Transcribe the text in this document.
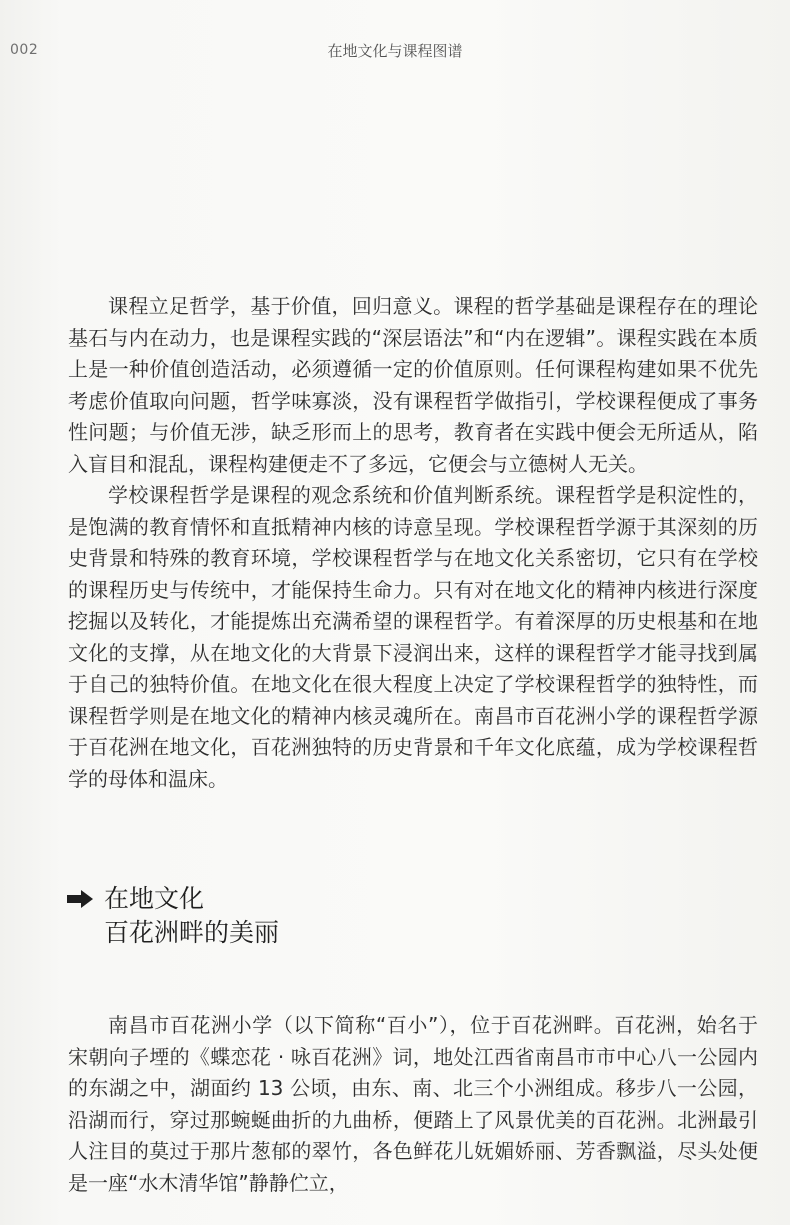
002	在地文化与课程图谱

课程立足哲学，基于价值，回归意义。课程的哲学基础是课程存在的理论基石与内在动力，也是课程实践的“深层语法”和“内在逻辑”。课程实践在本质上是一种价值创造活动，必须遵循一定的价值原则。任何课程构建如果不优先考虑价值取向问题，哲学味寡淡，没有课程哲学做指引，学校课程便成了事务性问题；与价值无涉，缺乏形而上的思考，教育者在实践中便会无所适从，陷入盲目和混乱，课程构建便走不了多远，它便会与立德树人无关。

学校课程哲学是课程的观念系统和价值判断系统。课程哲学是积淀性的，是饱满的教育情怀和直抵精神内核的诗意呈现。学校课程哲学源于其深刻的历史背景和特殊的教育环境，学校课程哲学与在地文化关系密切，它只有在学校的课程历史与传统中，才能保持生命力。只有对在地文化的精神内核进行深度挖掘以及转化，才能提炼出充满希望的课程哲学。有着深厚的历史根基和在地文化的支撑，从在地文化的大背景下浸润出来，这样的课程哲学才能寻找到属于自己的独特价值。在地文化在很大程度上决定了学校课程哲学的独特性，而课程哲学则是在地文化的精神内核灵魂所在。南昌市百花洲小学的课程哲学源于百花洲在地文化，百花洲独特的历史背景和千年文化底蕴，成为学校课程哲学的母体和温床。

在地文化
百花洲畔的美丽

南昌市百花洲小学（以下简称“百小”），位于百花洲畔。百花洲，始名于宋朝向子堙的《蝶恋花 · 咏百花洲》词，地处江西省南昌市市中心八一公园内的东湖之中，湖面约 13 公顷，由东、南、北三个小洲组成。移步八一公园，沿湖而行，穿过那蜿蜒曲折的九曲桥，便踏上了风景优美的百花洲。北洲最引人注目的莫过于那片葱郁的翠竹，各色鲜花儿妩媚娇丽、芳香飘溢，尽头处便是一座“水木清华馆”静静伫立，
